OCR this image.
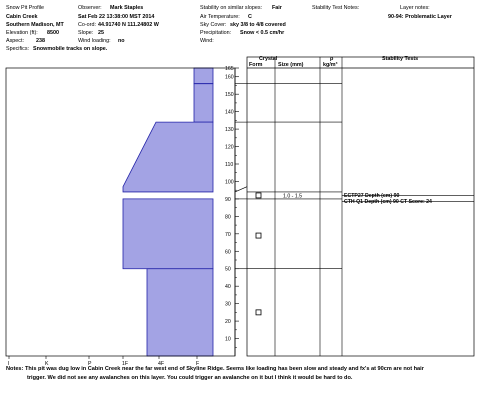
Snow Pit Profile
Cabin Creek
Southern Madison, MT
Elevation (ft): 8500
Aspect: 238
Specifics: Snowmobile tracks on slope.
Observer: Mark Staples
Sat Feb 22 13:38:00 MST 2014
Co-ord: 44.91740 N 111.24802 W
Slope: 25
Wind loading: no
Stability on similar slopes: Fair
Air Temperature: C
Sky Cover: sky 3/8 to 4/8 covered
Precipitation: Snow < 0.5 cm/hr
Wind:
Stability Test Notes:	Layer notes:
90-94: Problematic Layer
Crystal
Form	Size (mm)
ρ
kg/m³
Stability Tests
I	K	P	1F	4F	F
165
160
150
140
130
120
110
100
90
80
70
60
50
40
30
20
10
1.0 - 1.5	ECTP27 Depth (cm) 90
CTH Q1 Depth (cm) 90 CT Score: 24
Notes: This pit was dug low in Cabin Creek near the far west end of Skyline Ridge. Seems like loading has been slow and steady and fx's at 90cm are not hair
trigger. We did not see any avalanches on this layer. You could trigger an avalanche on it but I think it would be hard to do.
